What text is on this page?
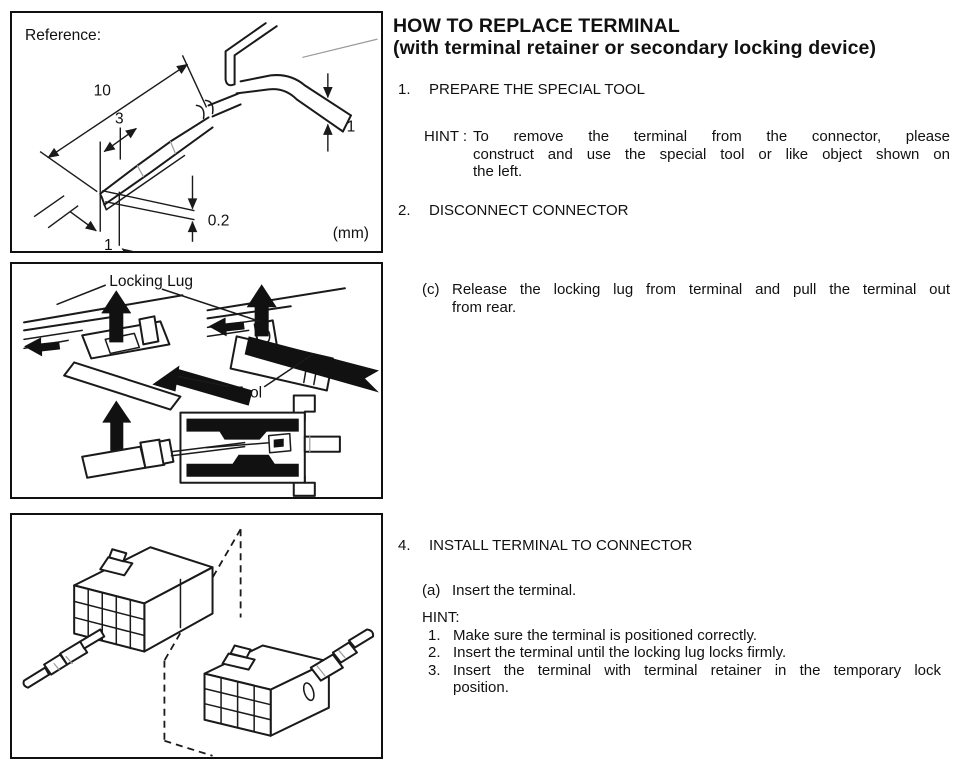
Reference:
10
3	1
0.2
1
(mm)
Locking Lug
Tool
HOW TO REPLACE TERMINAL
(with terminal retainer or secondary locking device)
1.	PREPARE THE SPECIAL TOOL
HINT : To remove the terminal from the connector, please
construct and use the special tool or like object shown on
the left.
2.	DISCONNECT CONNECTOR
(c) Release the locking lug from terminal and pull the terminal out
from rear.
4.	INSTALL TERMINAL TO CONNECTOR
(a) Insert the terminal.
HINT:
1. Make sure the terminal is positioned correctly.
2. Insert the terminal until the locking lug locks firmly.
3. Insert the terminal with terminal retainer in the temporary lock
position.
